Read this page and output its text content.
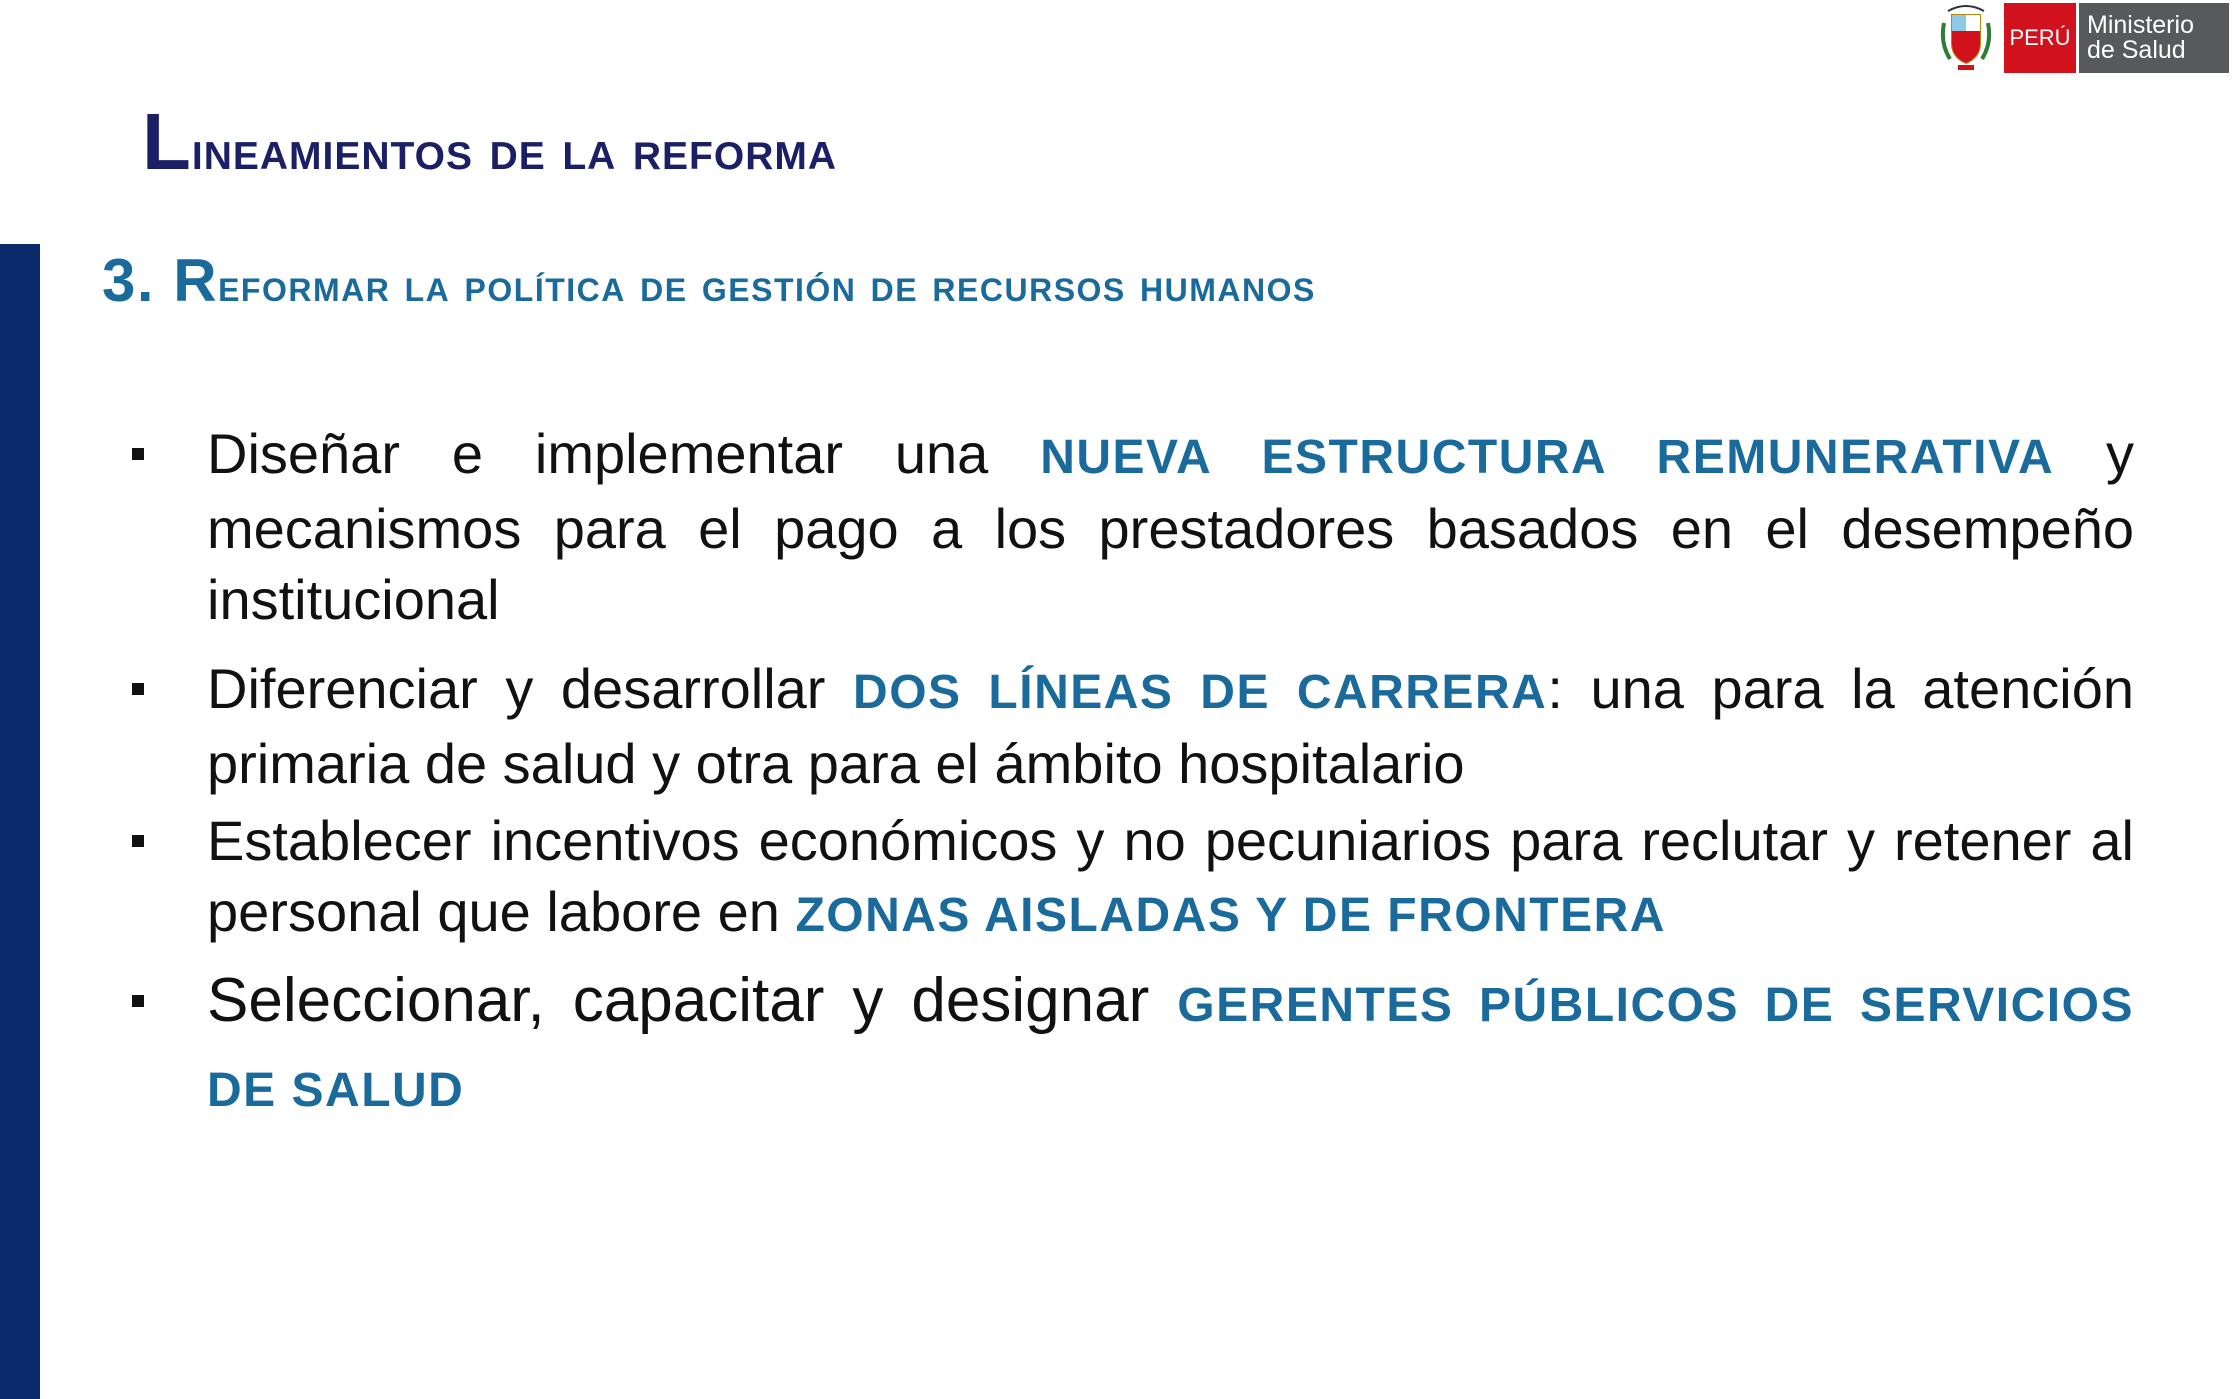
PERÚ Ministerio
de Salud
Lineamientos de la reforma
3. Reformar la política de gestión de recursos humanos
Diseñar e implementar una NUEVA ESTRUCTURA REMUNERATIVA y mecanismos para el pago a los prestadores basados en el desempeño institucional
Diferenciar y desarrollar DOS LÍNEAS DE CARRERA: una para la atención primaria de salud y otra para el ámbito hospitalario
Establecer incentivos económicos y no pecuniarios para reclutar y retener al personal que labore en ZONAS AISLADAS Y DE FRONTERA
Seleccionar, capacitar y designar GERENTES PÚBLICOS DE SERVICIOS DE SALUD
